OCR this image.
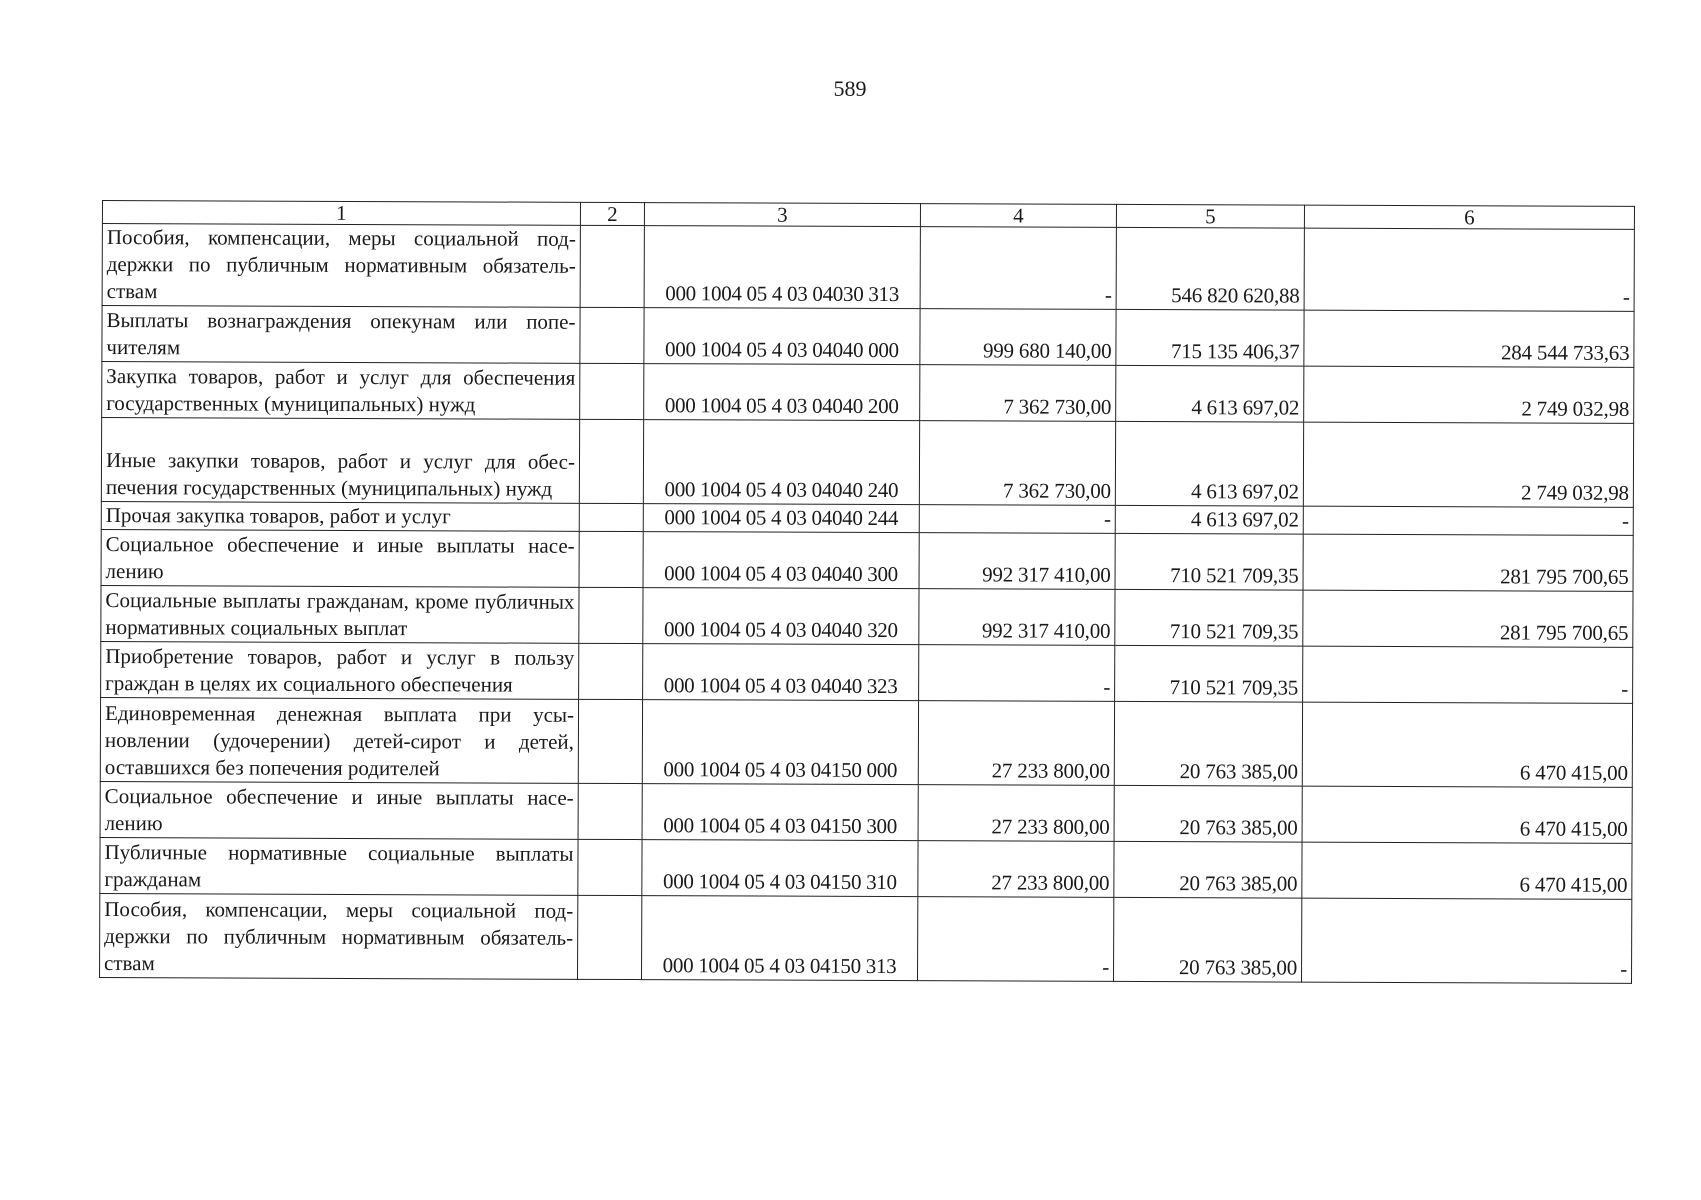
589
1	2	3	4	5	6
Пособия, компенсации, меры социальной поддержки по публичным нормативным обязательствам		000 1004 05 4 03 04030 313	-	546 820 620,88	-
Выплаты вознаграждения опекунам или попечителям		000 1004 05 4 03 04040 000	999 680 140,00	715 135 406,37	284 544 733,63
Закупка товаров, работ и услуг для обеспечения государственных (муниципальных) нужд		000 1004 05 4 03 04040 200	7 362 730,00	4 613 697,02	2 749 032,98
Иные закупки товаров, работ и услуг для обеспечения государственных (муниципальных) нужд		000 1004 05 4 03 04040 240	7 362 730,00	4 613 697,02	2 749 032,98
Прочая закупка товаров, работ и услуг		000 1004 05 4 03 04040 244	-	4 613 697,02	-
Социальное обеспечение и иные выплаты населению		000 1004 05 4 03 04040 300	992 317 410,00	710 521 709,35	281 795 700,65
Социальные выплаты гражданам, кроме публичных нормативных социальных выплат		000 1004 05 4 03 04040 320	992 317 410,00	710 521 709,35	281 795 700,65
Приобретение товаров, работ и услуг в пользу граждан в целях их социального обеспечения		000 1004 05 4 03 04040 323	-	710 521 709,35	-
Единовременная денежная выплата при усыновлении (удочерении) детей-сирот и детей, оставшихся без попечения родителей		000 1004 05 4 03 04150 000	27 233 800,00	20 763 385,00	6 470 415,00
Социальное обеспечение и иные выплаты населению		000 1004 05 4 03 04150 300	27 233 800,00	20 763 385,00	6 470 415,00
Публичные нормативные социальные выплаты гражданам		000 1004 05 4 03 04150 310	27 233 800,00	20 763 385,00	6 470 415,00
Пособия, компенсации, меры социальной поддержки по публичным нормативным обязательствам		000 1004 05 4 03 04150 313	-	20 763 385,00	-
